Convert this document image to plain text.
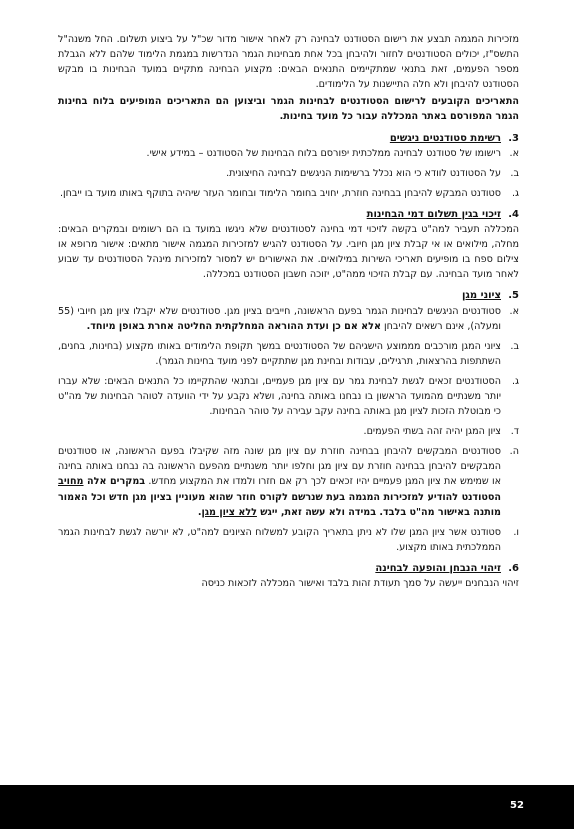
מזכירות המגמה תבצע את רישום הסטודנט לבחינה רק לאחר אישור מדור שכ"ל על ביצוע תשלום. החל משנה"ל התשס"ז, יכולים הסטודנטים לחזור ולהיבחן בכל אחת מבחינות הגמר הנדרשות במגמת הלימוד שלהם ללא הגבלת מספר הפעמים, זאת בתנאי שמתקיימים התנאים הבאים: מקצוע הבחינה מתקיים במועד הבחינות בו מבקש הסטודנט להיבחן ולא חלה התיישנות על הלימודים.

התאריכים הקובעים לרישום הסטודנטים לבחינות הגמר וביצוען הם התאריכים המופיעים בלוח בחינות הגמר המפורסם באתר המכללה עבור כל מועד בחינות.

3.
רשימת סטודנטים ניגשים
א.
רישומו של סטודנט לבחינה ממלכתית יפורסם בלוח הבחינות של הסטודנט – במידע אישי.
ב.
על הסטודנט לוודא כי הוא נכלל ברשימות הניגשים לבחינה החיצונית.
ג.
סטודנט המבקש להיבחן בבחינה חוזרת, יחויב בחומר הלימוד ובחומר העזר שיהיה בתוקף באותו מועד בו ייבחן.
4.
זיכוי בגין תשלום דמי הבחינות

המכללה תעביר למה"ט בקשה לזיכוי דמי בחינה לסטודנטים שלא ניגשו במועד בו הם רשומים ובמקרים הבאים: מחלה, מילואים או אי קבלת ציון מגן חיובי. על הסטודנט להגיש למזכירות המגמה אישור מתאים: אישור מרופא או צילום ספח בו מופיעים תאריכי השירות במילואים. את האישורים יש למסור למזכירות מינהל הסטודנטים עד שבוע לאחר מועד הבחינה. עם קבלת הזיכוי ממה"ט, יזוכה חשבון הסטודנט במכללה.

5.
ציוני מגן
א.
סטודנטים הניגשים לבחינות הגמר בפעם הראשונה, חייבים בציון מגן. סטודנטים שלא יקבלו ציון מגן חיובי (55 ומעלה), אינם רשאים להיבחן אלא אם כן ועדת ההוראה המחלקתית החליטה אחרת באופן מיוחד.
ב.
ציוני המגן מורכבים מממוצע הישגיהם של הסטודנטים במשך תקופת הלימודים באותו מקצוע (בחינות, בחנים, השתתפות בהרצאות, תרגילים, עבודות ובחינת מגן שתתקיים לפני מועד בחינות הגמר).
ג.
הסטודנטים זכאים לגשת לבחינת גמר עם ציון מגן פעמיים, ובתנאי שהתקיימו כל התנאים הבאים: שלא עברו יותר משנתיים מהמועד הראשון בו נבחנו באותה בחינה, ושלא נקבע על ידי הוועדה לטוהר הבחינות של מה"ט כי מבוטלת הזכות לציון מגן באותה בחינה עקב עבירה על טוהר הבחינות.
ד.
ציון המגן יהיה זהה בשתי הפעמים.
ה.
סטודנטים המבקשים להיבחן בבחינה חוזרת עם ציון מגן שונה מזה שקיבלו בפעם הראשונה, או סטודנטים המבקשים להיבחן בבחינה חוזרת עם ציון מגן וחלפו יותר משנתיים מהפעם הראשונה בה נבחנו באותה בחינה או שמימש את ציון המגן פעמיים יהיו זכאים לכך רק אם חזרו ולמדו את המקצוע מחדש. במקרים אלה מחויב הסטודנט להודיע למזכירות המגמה בעת שנרשם לקורס חוזר שהוא מעוניין בציון מגן חדש וכל האמור מותנה באישור מה"ט בלבד. במידה ולא עשה זאת, ייגש ללא ציון מגן.
ו.
סטודנט אשר ציון המגן שלו לא ניתן בתאריך הקובע למשלוח הציונים למה"ט, לא יורשה לגשת לבחינות הגמר הממלכתית באותו מקצוע.
6.
זיהוי הנבחן והופעה לבחינה

זיהוי הנבחנים ייעשה על סמך תעודת זהות בלבד ואישור המכללה לזכאות כניסה

52
